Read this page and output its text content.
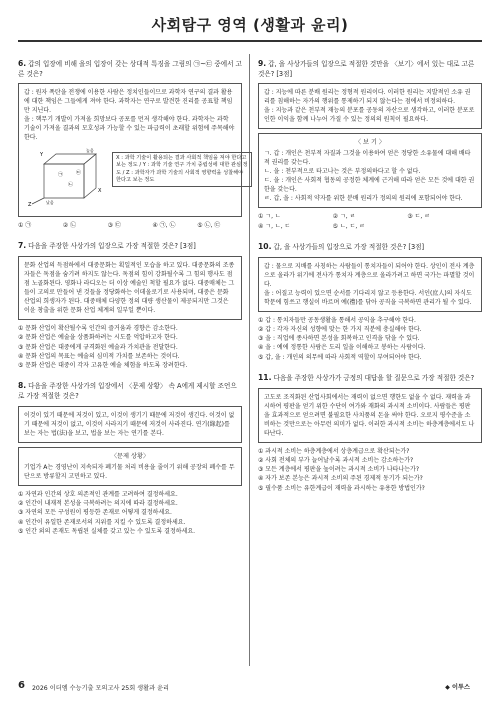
사회탐구 영역 (생활과 윤리)
6. 갑의 입장에 비해 을의 입장이 갖는 상대적 특징을 그림의 ㉠~㉢ 중에서 고른 것은?
갑 : 원자 폭탄을 전쟁에 이용한 사람은 정치인들이므로 과학자 연구의 결과 활용에 대한 책임은 그들에게 져야 한다. 과학자는 연구로 발견한 진리를 공표할 책임만 지닌다.
을 : 핵무기 개발이 가져올 희망보다 공포를 먼저 생각해야 한다. 과학자는 과학 기술이 가져올 결과의 모호성과 가능할 수 있는 파급력이 초래할 위험에 주목해야 한다.
X
Y
Z
㉠
㉡
㉢
높음
낮음
X : 과학 기술이 활용되는 결과 사회적 책임을 져야 한다고 보는 정도 / Y : 과학 기술 연구 가치 중립성에 대한 관심 정도 / Z : 과학자가 과학 기술의 사회적 영향력을 성찰해야 한다고 보는 정도
① ㉠	② ㉡	③ ㉢	④ ㉠, ㉡	⑤ ㉡, ㉢
7. 다음을 주장한 사상가의 입장으로 가장 적절한 것은? [3점]
문화 산업의 득점하에서 대중문화는 획일적인 모습을 하고 있다. 대중문화의 조종자들은 독점을 숨기려 하지도 않는다. 독점의 힘이 강화될수록 그 힘의 행사도 점점 노골화된다. 영화나 라디오는 더 이상 예술인 척할 필요가 없다. 대중매체는 그들이 고의로 만들어 낸 것들을 정당화하는 이데올로기로 사용되며, 대중은 문화 산업의 희생자가 된다. 대중매체 다양한 정의 대량 생산물이 제공되지만 그것은 이윤 창출을 위한 문화 산업 체계의 일부일 뿐이다.
① 문화 산업이 확산될수록 인간의 즐거움과 경향은 감소한다.
② 문화 산업은 예술을 상품화하려는 시도를 억압하고자 한다.
③ 문화 산업은 대중에게 규격화된 예술과 가치관을 전달한다.
④ 문화 산업의 목표는 예술의 심미적 가치를 보존하는 것이다.
⑤ 문화 산업은 대중이 각자 고유한 예술 체험을 하도록 장려한다.
8. 다음을 주장한 사상가의 입장에서 〈문제 상황〉 속 A에게 제시할 조언으로 가장 적절한 것은?
이것이 있기 때문에 저것이 있고, 이것이 생기기 때문에 저것이 생긴다. 이것이 없기 때문에 저것이 없고, 이것이 사라지기 때문에 저것이 사라진다. 연기(緣起)를 보는 자는 법(法)을 보고, 법을 보는 자는 연기를 본다.
〈문제 상황〉
기업가 A는 경영난이 지속되자 폐기물 처리 비용을 줄이기 위해 공장의 폐수를 무단으로 방류할지 고민하고 있다.
① 자연과 인간의 상호 의존적인 관계를 고려하여 결정하세요.
② 인간이 내재적 본성을 극복하려는 의지에 따라 결정하세요.
③ 자연의 모든 구성원이 평등한 존재로 어떻게 결정하세요.
④ 인간이 유일한 존재로서의 지위를 지킬 수 있도록 결정하세요.
⑤ 인간 외의 존재도 독립된 실체를 갖고 있는 수 있도록 결정하세요.
9. 갑, 을 사상가들의 입장으로 적절한 것만을 〈보기〉에서 있는 대로 고른 것은? [3점]
갑 : 지능에 따른 분배 원리는 정형적 원리이다. 이러한 원리는 지발적인 소유 권리를 침해하는 자가의 행위를 통제하기 되지 않는다는 점에서 비정의하다.
을 : 지능과 같은 천부적 재능의 분포를 공동의 자산으로 생각하고, 이러한 분포로 인한 이익을 함께 나누어 가질 수 있는 정의의 원칙이 필요하다.
〈 보 기 〉
ㄱ. 갑 : 개인은 천부적 자질과 그것을 이용하여 얻은 정당한 소유물에 대해 배타적 권리를 갖는다.
ㄴ. 을 : 천부적으로 타고나는 것은 부정의하다고 할 수 없다.
ㄷ. 을 : 개인은 사회적 협동의 공정한 체계에 근거해 따라 얻은 모든 것에 대한 권한을 갖는다.
ㄹ. 갑, 을 : 사회적 약자를 위한 분배 원리가 정의의 원리에 포함되어야 한다.
① ㄱ, ㄴ	② ㄱ, ㄹ	③ ㄷ, ㄹ
④ ㄱ, ㄴ, ㄷ	⑤ ㄴ, ㄷ, ㄹ
10. 갑, 을 사상가들의 입장으로 가장 적절한 것은? [3점]
갑 : 물으로 지배를 사칭하는 사람들이 통치자들이 되어야 한다. 상인이 전사 계층으로 올라가 위기에 전사가 통치자 계층으로 올라가려고 하면 국가는 파멸할 것이다.
을 : 어질고 능력이 있으면 순서를 기다리지 않고 등용한다. 서인(庶人)의 자식도 학문에 힘쓰고 행실이 바르며 예(禮)를 닦아 공직을 극복하면 관리가 될 수 있다.
① 갑 : 통치자들만 공동생활을 통해서 공익을 추구해야 한다.
② 갑 : 각자 자신의 성향에 맞는 한 가지 직분에 충실해야 한다.
③ 을 : 직업에 종사하면 본성을 회복하고 인격을 닦을 수 있다.
④ 을 : 예에 정통한 사람은 도리 일을 이해하고 봉하는 사람이다.
⑤ 갑, 을 : 개인의 의무에 따라 사회적 역할이 부여되어야 한다.
11. 다음을 주장한 사상가가 긍정의 대답을 할 질문으로 가장 적절한 것은?
고도로 조직화된 산업사회에서는 재력이 없으면 행한도 없을 수 없다. 재력을 과시하여 평판을 얻기 위한 수단이 여가와 재화의 과시적 소비이다. 사람들은 평판을 효과적으로 얻으려면 불필요한 사치품의 돈을 써야 한다. 오로지 평수준을 소비하는 것만으로는 아무런 의미가 없다. 이러한 과시적 소비는 하층계층에서도 나타난다.
① 과시적 소비는 하층계층에서 상층계급으로 확산되는가?
② 사회 전체의 부가 늘어날수록 과시적 소비는 감소하는가?
③ 모든 계층에서 평판을 높이려는 과시적 소비가 나타나는가?
④ 자가 보존 본능은 과시적 소비의 주된 경제적 동기가 되는가?
⑤ 필수품 소비는 유한계급이 재력을 과시하는 유용한 방법인가?
6 2026 이더엠 수능기출 모의고사 25회 생활과 윤리	◆ 이투스
